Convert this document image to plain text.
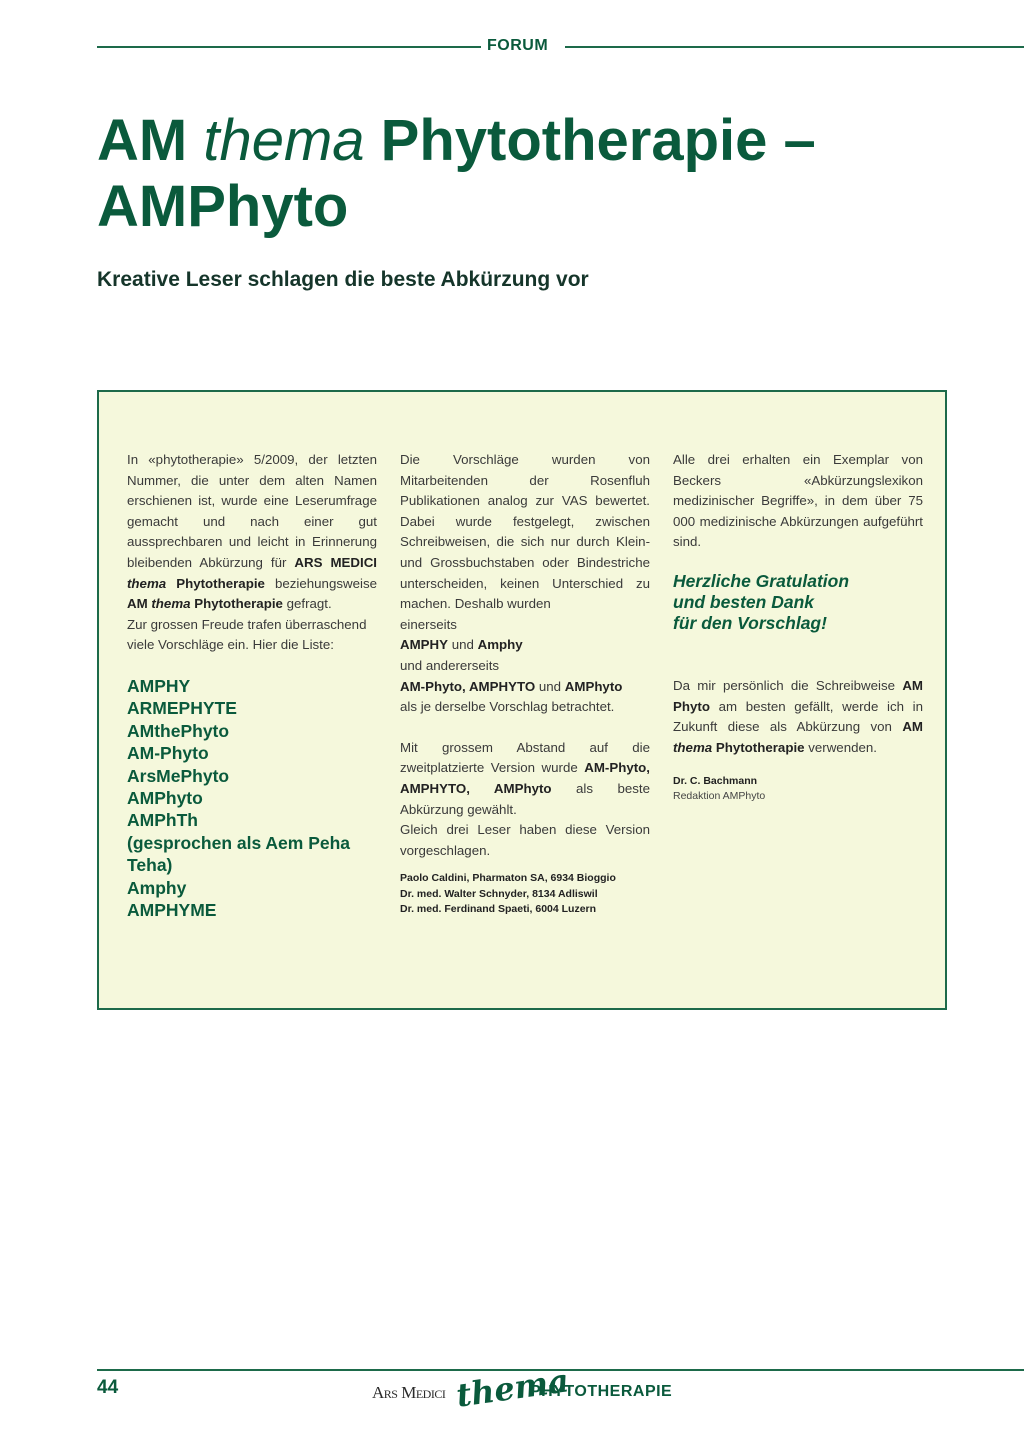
FORUM
AM thema Phytotherapie –
AMPhyto
Kreative Leser schlagen die beste Abkürzung vor

In «phytotherapie» 5/2009, der letzten Nummer, die unter dem alten Namen erschienen ist, wurde eine Leserumfrage gemacht und nach einer gut aussprechbaren und leicht in Erinnerung bleibenden Abkürzung für ARS MEDICI thema Phytotherapie beziehungsweise AM thema Phytotherapie gefragt.

Zur grossen Freude trafen überraschend viele Vorschläge ein. Hier die Liste:

AMPHY
ARMEPHYTE
AMthePhyto
AM-Phyto
ArsMePhyto
AMPhyto
AMPhTh
(gesprochen als Aem Peha Teha)
Amphy
AMPHYME

Die Vorschläge wurden von Mitarbeitenden der Rosenfluh Publikationen analog zur VAS bewertet. Dabei wurde festgelegt, zwischen Schreibweisen, die sich nur durch Klein- und Grossbuchstaben oder Bindestriche unterscheiden, keinen Unterschied zu machen. Deshalb wurden

einerseits

AMPHY und Amphy

und andererseits

AM-Phyto, AMPHYTO und AMPhyto

als je derselbe Vorschlag betrachtet.

Mit grossem Abstand auf die zweitplatzierte Version wurde AM-Phyto, AMPHYTO, AMPhyto als beste Abkürzung gewählt.

Gleich drei Leser haben diese Version vorgeschlagen.

Paolo Caldini, Pharmaton SA, 6934 Bioggio
Dr. med. Walter Schnyder, 8134 Adliswil
Dr. med. Ferdinand Spaeti, 6004 Luzern

Alle drei erhalten ein Exemplar von Beckers «Abkürzungslexikon medizinischer Begriffe», in dem über 75 000 medizinische Abkürzungen aufgeführt sind.

Herzliche Gratulation
und besten Dank
für den Vorschlag!

Da mir persönlich die Schreibweise AM Phyto am besten gefällt, werde ich in Zukunft diese als Abkürzung von AM thema Phytotherapie verwenden.

Dr. C. Bachmann
Redaktion AMPhyto
44	ARS MEDICI thema
PHYTOTHERAPIE
